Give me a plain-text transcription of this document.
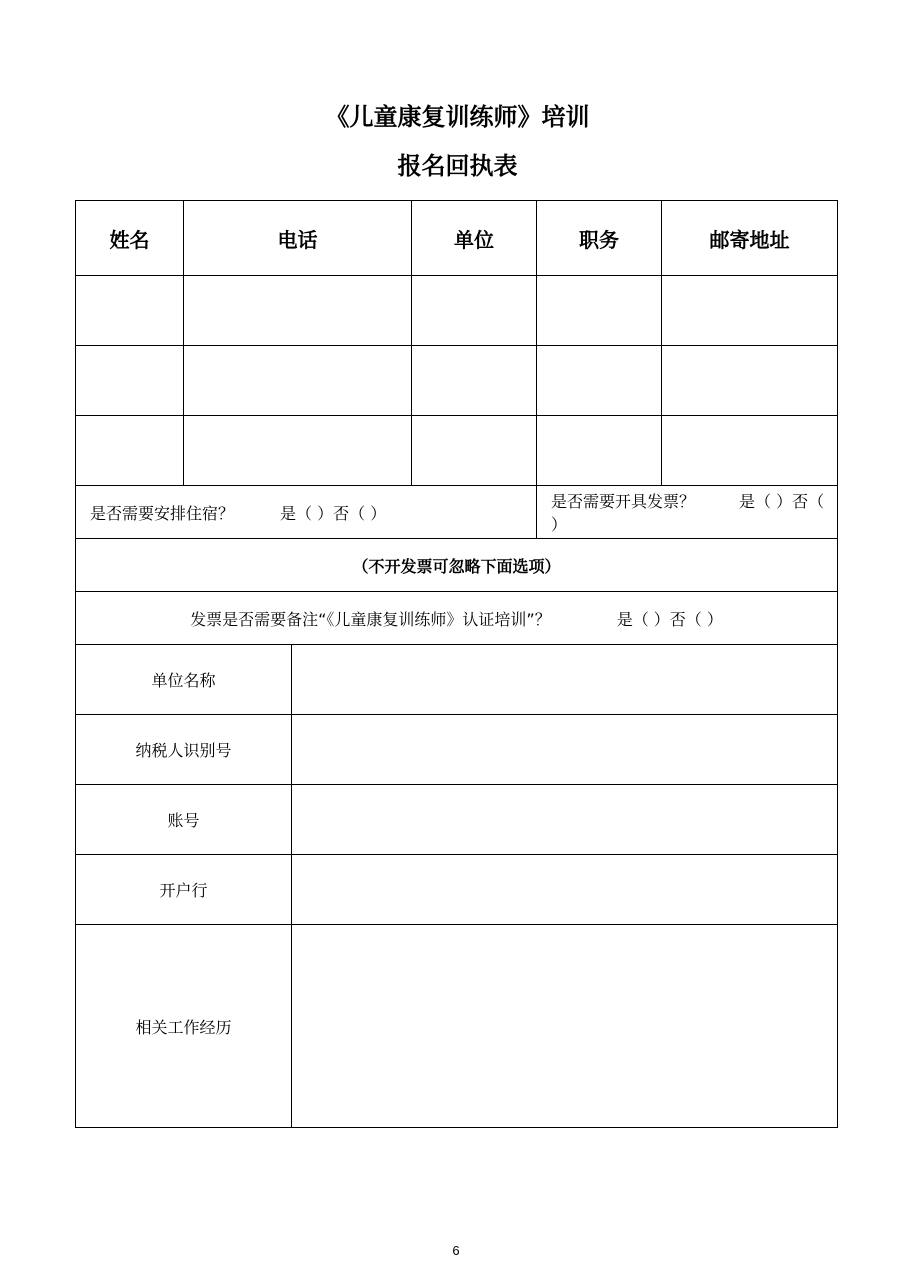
《儿童康复训练师》培训
报名回执表
姓名	电话		单位	职务	邮寄地址

是否需要安排住宿？ 是（ ）否（ ）				是否需要开具发票？ 是（ ）否（ ）	
（不开发票可忽略下面选项）					
发票是否需要备注“《儿童康复训练师》认证培训”？ 是（ ）否（ ）					
单位名称					
纳税人识别号					
账号					
开户行					
相关工作经历					
6
